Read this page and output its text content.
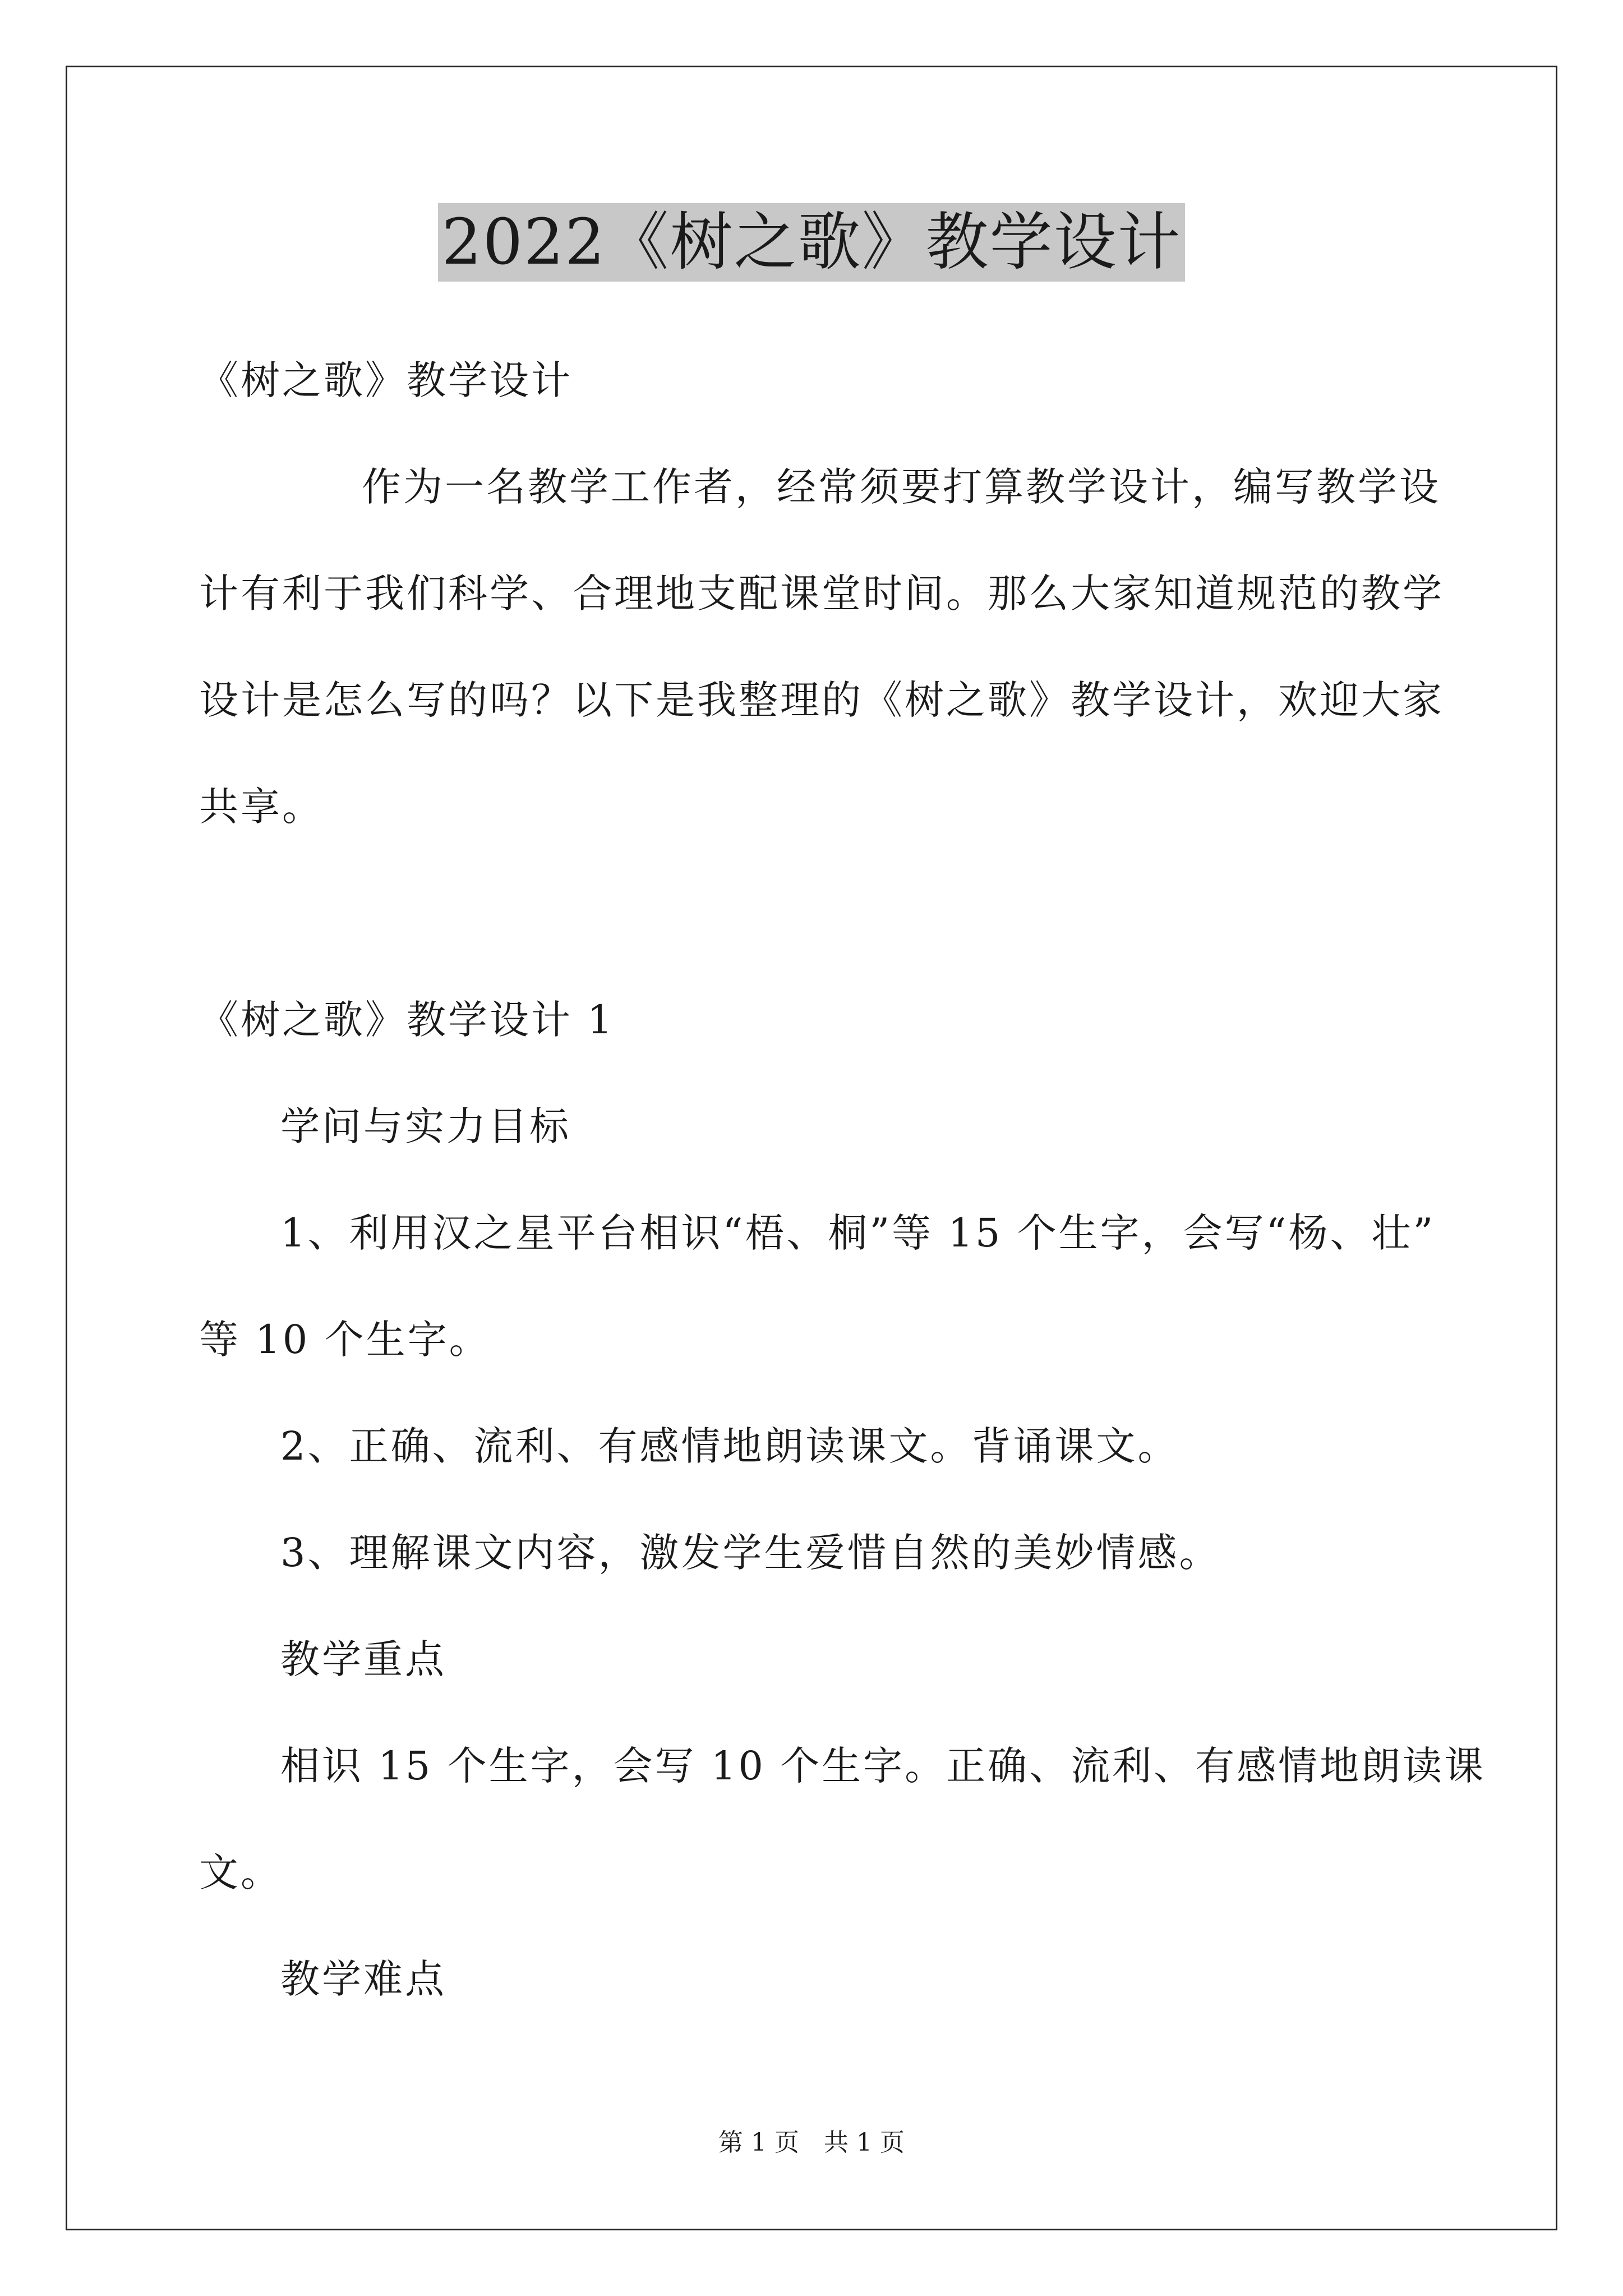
2022《树之歌》教学设计
《树之歌》教学设计
作为一名教学工作者，经常须要打算教学设计，编写教学设
计有利于我们科学、合理地支配课堂时间。那么大家知道规范的教学
设计是怎么写的吗？以下是我整理的《树之歌》教学设计，欢迎大家
共享。
《树之歌》教学设计 1
学问与实力目标
1、利用汉之星平台相识“梧、桐”等 15 个生字，会写“杨、壮”
等 10 个生字。
2、正确、流利、有感情地朗读课文。背诵课文。
3、理解课文内容，激发学生爱惜自然的美妙情感。
教学重点
相识 15 个生字，会写 10 个生字。正确、流利、有感情地朗读课
文。
教学难点
第 1 页　共 1 页
